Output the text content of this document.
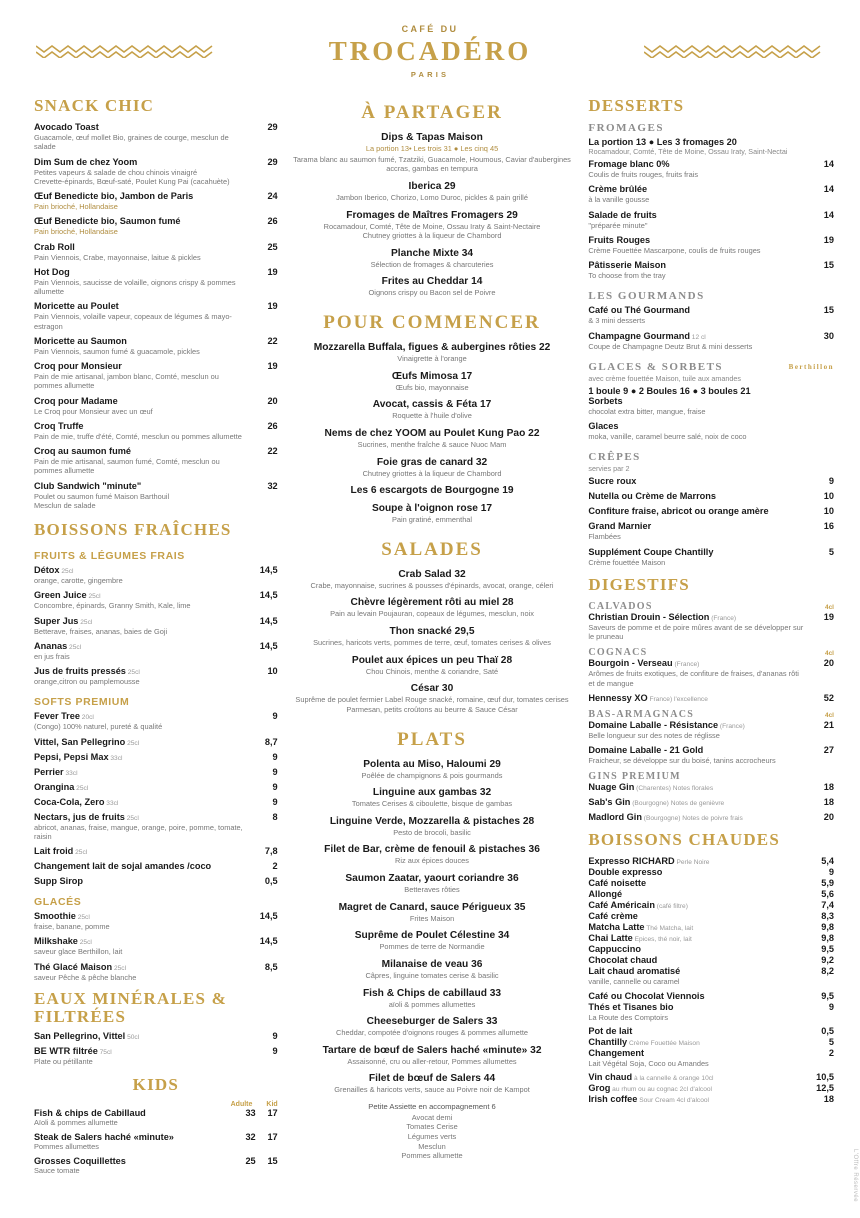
CAFÉ DU
TROCADÉRO
PARIS
SNACK CHIC
Avocado Toast	29
Guacamole, œuf mollet Bio, graines de courge, mesclun de salade
Dim Sum de chez Yoom	29
Petites vapeurs & salade de chou chinois vinaigré
Crevette-épinards, Bœuf-saté, Poulet Kung Pai (cacahuète)
Œuf Benedicte bio, Jambon de Paris	24
Pain brioché, Hollandaise
Œuf Benedicte bio, Saumon fumé	26
Pain brioché, Hollandaise
Crab Roll	25
Pain Viennois, Crabe, mayonnaise, laitue & pickles
Hot Dog	19
Pain Viennois, saucisse de volaille, oignons crispy & pommes allumette
Moricette au Poulet	19
Pain Viennois, volaille vapeur, copeaux de légumes & mayo-estragon
Moricette au Saumon	22
Pain Viennois, saumon fumé & guacamole, pickles
Croq pour Monsieur	19
Pain de mie artisanal, jambon blanc, Comté, mesclun ou pommes allumette
Croq pour Madame	20
Le Croq pour Monsieur avec un œuf
Croq Truffe	26
Pain de mie, truffe d'été, Comté, mesclun ou pommes allumette
Croq au saumon fumé	22
Pain de mie artisanal, saumon fumé, Comté, mesclun ou pommes allumette
Club Sandwich "minute"	32
Poulet ou saumon fumé Maison Barthouil
Mesclun de salade
BOISSONS FRAÎCHES
FRUITS & LÉGUMES FRAIS
Détox 25cl	14,5
orange, carotte, gingembre
Green Juice 25cl	14,5
Concombre, épinards, Granny Smith, Kale, lime
Super Jus 25cl	14,5
Betterave, fraises, ananas, baies de Goji
Ananas 25cl	14,5
en jus frais
Jus de fruits pressés 25cl	10
orange,citron ou pamplemousse
SOFTS PREMIUM
Fever Tree 20cl	9
(Congo) 100% naturel, pureté & qualité
Vittel, San Pellegrino 25cl	8,7
Pepsi, Pepsi Max 33cl	9
Perrier 33cl	9
Orangina 25cl	9
Coca-Cola, Zero 33cl	9
Nectars, jus de fruits 25cl	8
abricot, ananas, fraise, mangue, orange, poire, pomme, tomate, raisin
Lait froid 25cl	7,8
Changement lait de sojal amandes /coco	2
Supp Sirop	0,5
GLACÉS
Smoothie 25cl	14,5
fraise, banane, pomme
Milkshake 25cl	14,5
saveur glace Berthillon, lait
Thé Glacé Maison 25cl	8,5
saveur Pêche & pêche blanche
EAUX MINÉRALES & FILTRÉES
San Pellegrino, Vittel 50cl	9
BE WTR filtrée 75cl	9
Plate ou pétillante
KIDS
Adulte Kid
Fish & chips de Cabillaud	33	17
Aïoli & pommes allumette
Steak de Salers haché «minute»	32	17
Pommes allumettes
Grosses Coquillettes	25	15
Sauce tomate
À PARTAGER
Dips & Tapas Maison
La portion 13• Les trois 31 ● Les cinq 45
Tarama blanc au saumon fumé, Tzatziki, Guacamole, Houmous, Caviar d'aubergines
accras, gambas en tempura
Iberica 29
Jambon Iberico, Chorizo, Lomo Duroc, pickles & pain grillé
Fromages de Maîtres Fromagers 29
Rocamadour, Comté, Tête de Moine, Ossau Iraty & Saint-Nectaire
Chutney griottes à la liqueur de Chambord
Planche Mixte 34
Sélection de fromages & charcuteries
Frites au Cheddar 14
Oignons crispy ou Bacon sel de Poivre
POUR COMMENCER
Mozzarella Buffala, figues & aubergines rôties 22
Vinaigrette à l'orange
Œufs Mimosa 17
Œufs bio, mayonnaise
Avocat, cassis & Féta 17
Roquette à l'huile d'olive
Nems de chez YOOM au Poulet Kung Pao 22
Sucrines, menthe fraîche & sauce Nuoc Mam
Foie gras de canard 32
Chutney griottes à la liqueur de Chambord
Les 6 escargots de Bourgogne 19
Soupe à l'oignon rose 17
Pain gratiné, emmenthal
SALADES
Crab Salad 32
Crabe, mayonnaise, sucrines & pousses d'épinards, avocat, orange, céleri
Chèvre légèrement rôti au miel 28
Pain au levain Poujauran, copeaux de légumes, mesclun, noix
Thon snacké 29,5
Sucrines, haricots verts, pommes de terre, œuf, tomates cerises & olives
Poulet aux épices un peu Thaï 28
Chou Chinois, menthe & coriandre, Saté
César 30
Suprême de poulet fermier Label Rouge snacké, romaine, œuf dur, tomates cerises
Parmesan, petits croûtons au beurre & Sauce César
PLATS
Polenta au Miso, Haloumi 29
Poêlée de champignons & pois gourmands
Linguine aux gambas 32
Tomates Cerises & ciboulette, bisque de gambas
Linguine Verde, Mozzarella & pistaches 28
Pesto de brocoli, basilic
Filet de Bar, crème de fenouil & pistaches 36
Riz aux épices douces
Saumon Zaatar, yaourt coriandre 36
Betteraves rôties
Magret de Canard, sauce Périgueux 35
Frites Maison
Suprême de Poulet Célestine 34
Pommes de terre de Normandie
Milanaise de veau 36
Câpres, linguine tomates cerise & basilic
Fish & Chips de cabillaud 33
aïoli & pommes allumettes
Cheeseburger de Salers 33
Cheddar, compotée d'oignons rouges & pommes allumette
Tartare de bœuf de Salers haché «minute» 32
Assaisonné, cru ou aller-retour, Pommes allumettes
Filet de bœuf de Salers 44
Grenailles & haricots verts, sauce au Poivre noir de Kampot
Petite Assiette en accompagnement 6
Avocat demi
Tomates Cerise
Légumes verts
Mesclun
Pommes allumette
DESSERTS
FROMAGES
La portion 13 ● Les 3 fromages 20
Rocamadour, Comté, Tête de Moine, Ossau Iraty, Saint-Nectai
Fromage blanc 0%	14
Coulis de fruits rouges, fruits frais
Crème brûlée	14
à la vanille gousse
Salade de fruits	14
"préparée minute"
Fruits Rouges	19
Crème Fouettée Mascarpone, coulis de fruits rouges
Pâtisserie Maison	15
To choose from the tray
LES GOURMANDS
Café ou Thé Gourmand	15
& 3 mini desserts
Champagne Gourmand 12 cl	30
Coupe de Champagne Deutz Brut & mini desserts
GLACES & SORBETS	Berthillon
avec crème fouettée Maison, tuile aux amandes
1 boule 9 ● 2 Boules 16 ● 3 boules 21
Sorbets
chocolat extra bitter, mangue, fraise
Glaces
moka, vanille, caramel beurre salé, noix de coco
CRÊPES
servies par 2
Sucre roux	9
Nutella ou Crème de Marrons	10
Confiture fraise, abricot ou orange amère	10
Grand Marnier	16
Flambées
Supplément Coupe Chantilly	5
Crème fouettée Maison
DIGESTIFS
CALVADOS	4cl
Christian Drouin - Sélection (France)	19
Saveurs de pomme et de poire mûres avant de se développer sur le pruneau
COGNACS	4cl
Bourgoin - Verseau (France)	20
Arômes de fruits exotiques, de confiture de fraises, d'ananas rôti et de mangue
Hennessy XO France) l'excellence	52
BAS-ARMAGNACS	4cl
Domaine Laballe - Résistance (France)	21
Belle longueur sur des notes de réglisse
Domaine Laballe - 21 Gold	27
Fraicheur, se développe sur du boisé, tanins accrocheurs
GINS PREMIUM
Nuage Gin (Charentes) Notes florales	18
Sab's Gin (Bourgogne) Notes de genièvre	18
Madlord Gin (Bourgogne) Notes de poivre frais	20
BOISSONS CHAUDES
Expresso RICHARD Perle Noire	5,4
Double expresso	9
Café noisette	5,9
Allongé	5,6
Café Américain (café filtre)	7,4
Café crème	8,3
Matcha Latte Thé Matcha, lait	9,8
Chai Latte Epices, thé noir, lait	9,8
Cappuccino	9,5
Chocolat chaud	9,2
Lait chaud aromatisé	8,2
vanille, cannelle ou caramel
Café ou Chocolat Viennois	9,5
Thés et Tisanes bio	9
La Route des Comptoirs
Pot de lait	0,5
Chantilly Crème Fouettée Maison	5
Changement	2
Lait Végétal Soja, Coco ou Amandes
Vin chaud à la cannelle & orange 10cl	10,5
Grog au rhum ou au cognac 2cl d'alcool	12,5
Irish coffee Sour Cream 4cl d'alcool	18
L'Offre Réservée
